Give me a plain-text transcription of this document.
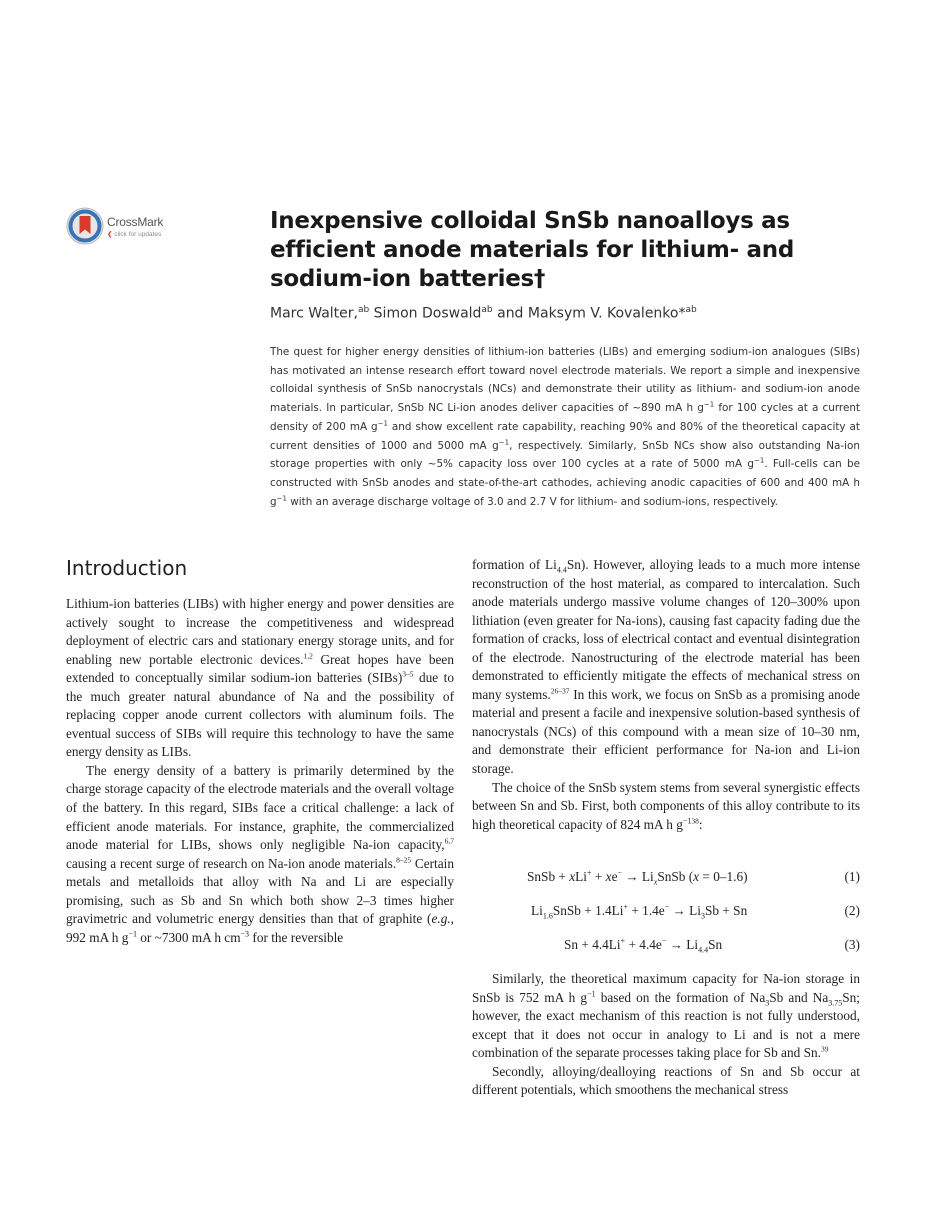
CrossMark
❮ click for updates
Inexpensive colloidal SnSb nanoalloys as efficient anode materials for lithium- and sodium-ion batteries†

Marc Walter,$^{ab}$ Simon Doswald$^{ab}$ and Maksym V. Kovalenko*$^{ab}$

The quest for higher energy densities of lithium-ion batteries (LIBs) and emerging sodium-ion analogues (SIBs) has motivated an intense research effort toward novel electrode materials. We report a simple and inexpensive colloidal synthesis of SnSb nanocrystals (NCs) and demonstrate their utility as lithium- and sodium-ion anode materials. In particular, SnSb NC Li-ion anodes deliver capacities of ~890 mA h $g^{-1}$ for 100 cycles at a current density of 200 mA $g^{-1}$ and show excellent rate capability, reaching 90% and 80% of the theoretical capacity at current densities of 1000 and 5000 mA $g^{-1}$, respectively. Similarly, SnSb NCs show also outstanding Na-ion storage properties with only ~5% capacity loss over 100 cycles at a rate of 5000 mA $g^{-1}$. Full-cells can be constructed with SnSb anodes and state-of-the-art cathodes, achieving anodic capacities of 600 and 400 mA h $g^{-1}$ with an average discharge voltage of 3.0 and 2.7 V for lithium- and sodium-ions, respectively.

Introduction

Lithium-ion batteries (LIBs) with higher energy and power densities are actively sought to increase the competitiveness and widespread deployment of electric cars and stationary energy storage units, and for enabling new portable electronic devices.$^{1,2}$ Great hopes have been extended to conceptually similar sodium-ion batteries (SIBs)$^{3-5}$ due to the much greater natural abundance of Na and the possibility of replacing copper anode current collectors with aluminum foils. The eventual success of SIBs will require this technology to have the same energy density as LIBs.

The energy density of a battery is primarily determined by the charge storage capacity of the electrode materials and the overall voltage of the battery. In this regard, SIBs face a critical challenge: a lack of efficient anode materials. For instance, graphite, the commercialized anode material for LIBs, shows only negligible Na-ion capacity,$^{6,7}$ causing a recent surge of research on Na-ion anode materials.$^{8-25}$ Certain metals and metalloids that alloy with Na and Li are especially promising, such as Sb and Sn which both show 2–3 times higher gravimetric and volumetric energy densities than that of graphite (e.g., 992 mA h $g^{-1}$ or ~7300 mA h $cm^{-3}$ for the reversible

formation of $Li_{4.4}Sn$). However, alloying leads to a much more intense reconstruction of the host material, as compared to intercalation. Such anode materials undergo massive volume changes of 120–300% upon lithiation (even greater for Na-ions), causing fast capacity fading due the formation of cracks, loss of electrical contact and eventual disintegration of the electrode. Nanostructuring of the electrode material has been demonstrated to efficiently mitigate the effects of mechanical stress on many systems.$^{26-37}$ In this work, we focus on SnSb as a promising anode material and present a facile and inexpensive solution-based synthesis of nanocrystals (NCs) of this compound with a mean size of 10–30 nm, and demonstrate their efficient performance for Na-ion and Li-ion storage.

The choice of the SnSb system stems from several synergistic effects between Sn and Sb. First, both components of this alloy contribute to its high theoretical capacity of 824 mA h g$^{-138}$:

SnSb + $xLi^+ + xe^- \to Li_xSnSb$ (x = 0–1.6)	(1)
$Li_{1.6}SnSb + 1.4Li^+ + 1.4e^- \to Li_3Sb + Sn$	(2)
$Sn + 4.4Li^+ + 4.4e^- \to Li_{4.4}Sn$	(3)

Similarly, the theoretical maximum capacity for Na-ion storage in SnSb is 752 mA h $g^{-1}$ based on the formation of $Na_3Sb$ and $Na_{3.75}Sn$; however, the exact mechanism of this reaction is not fully understood, except that it does not occur in analogy to Li and is not a mere combination of the separate processes taking place for Sb and Sn.$^{39}$

Secondly, alloying/dealloying reactions of Sn and Sb occur at different potentials, which smoothens the mechanical stress
